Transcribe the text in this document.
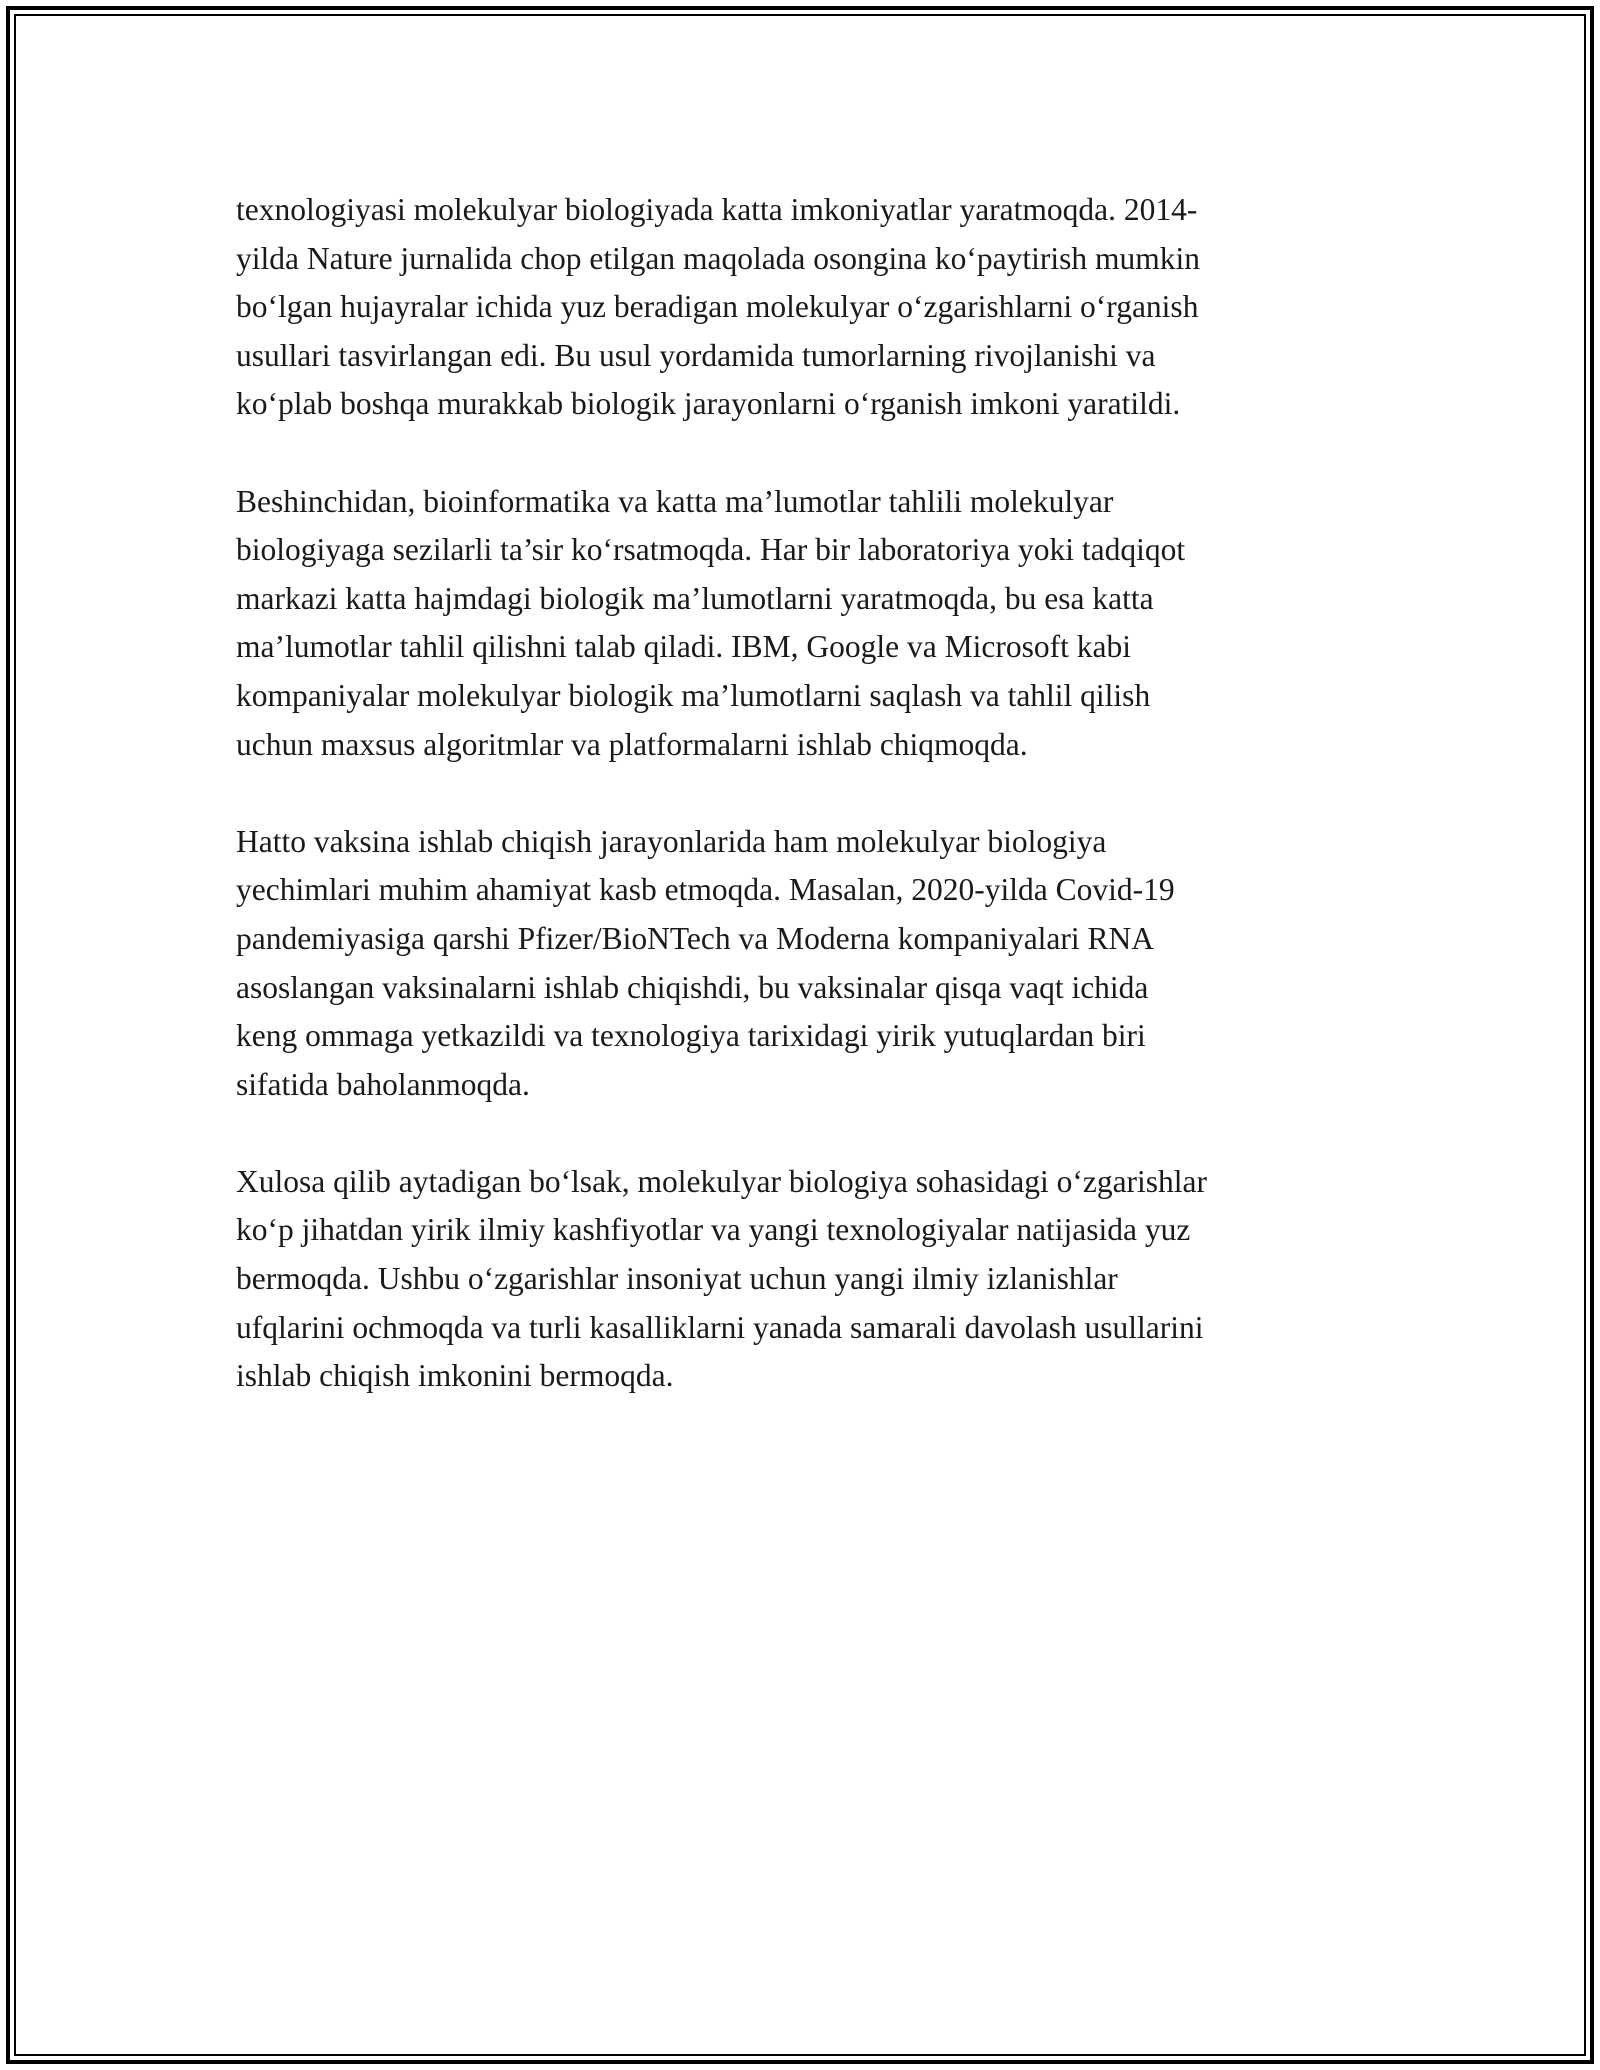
texnologiyasi molekulyar biologiyada katta imkoniyatlar yaratmoqda. 2014-
yilda Nature jurnalida chop etilgan maqolada osongina ko‘paytirish mumkin
bo‘lgan hujayralar ichida yuz beradigan molekulyar o‘zgarishlarni o‘rganish
usullari tasvirlangan edi. Bu usul yordamida tumorlarning rivojlanishi va
ko‘plab boshqa murakkab biologik jarayonlarni o‘rganish imkoni yaratildi.

Beshinchidan, bioinformatika va katta ma’lumotlar tahlili molekulyar
biologiyaga sezilarli ta’sir ko‘rsatmoqda. Har bir laboratoriya yoki tadqiqot
markazi katta hajmdagi biologik ma’lumotlarni yaratmoqda, bu esa katta
ma’lumotlar tahlil qilishni talab qiladi. IBM, Google va Microsoft kabi
kompaniyalar molekulyar biologik ma’lumotlarni saqlash va tahlil qilish
uchun maxsus algoritmlar va platformalarni ishlab chiqmoqda.

Hatto vaksina ishlab chiqish jarayonlarida ham molekulyar biologiya
yechimlari muhim ahamiyat kasb etmoqda. Masalan, 2020-yilda Covid-19
pandemiyasiga qarshi Pfizer/BioNTech va Moderna kompaniyalari RNA
asoslangan vaksinalarni ishlab chiqishdi, bu vaksinalar qisqa vaqt ichida
keng ommaga yetkazildi va texnologiya tarixidagi yirik yutuqlardan biri
sifatida baholanmoqda.

Xulosa qilib aytadigan bo‘lsak, molekulyar biologiya sohasidagi o‘zgarishlar
ko‘p jihatdan yirik ilmiy kashfiyotlar va yangi texnologiyalar natijasida yuz
bermoqda. Ushbu o‘zgarishlar insoniyat uchun yangi ilmiy izlanishlar
ufqlarini ochmoqda va turli kasalliklarni yanada samarali davolash usullarini
ishlab chiqish imkonini bermoqda.
